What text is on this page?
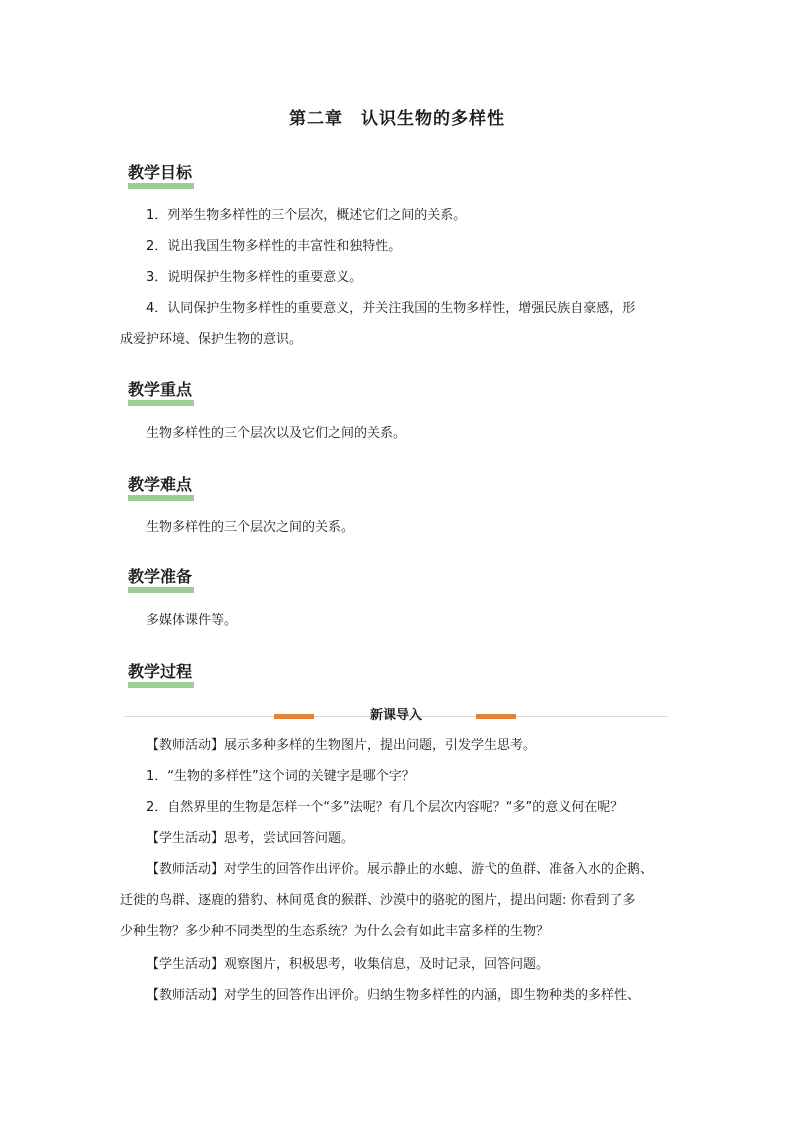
第二章　认识生物的多样性
教学目标
1．列举生物多样性的三个层次，概述它们之间的关系。
2．说出我国生物多样性的丰富性和独特性。
3．说明保护生物多样性的重要意义。
4．认同保护生物多样性的重要意义，并关注我国的生物多样性，增强民族自豪感，形
成爱护环境、保护生物的意识。
教学重点
生物多样性的三个层次以及它们之间的关系。
教学难点
生物多样性的三个层次之间的关系。
教学准备
多媒体课件等。
教学过程
新课导入
【教师活动】展示多种多样的生物图片，提出问题，引发学生思考。
1．“生物的多样性”这个词的关键字是哪个字？
2．自然界里的生物是怎样一个“多”法呢？有几个层次内容呢？“多”的意义何在呢？
【学生活动】思考，尝试回答问题。
【教师活动】对学生的回答作出评价。展示静止的水螅、游弋的鱼群、准备入水的企鹅、
迁徙的鸟群、逐鹿的猎豹、林间觅食的猴群、沙漠中的骆驼的图片，提出问题: 你看到了多
少种生物？多少种不同类型的生态系统？为什么会有如此丰富多样的生物？
【学生活动】观察图片，积极思考，收集信息，及时记录，回答问题。
【教师活动】对学生的回答作出评价。归纳生物多样性的内涵，即生物种类的多样性、
